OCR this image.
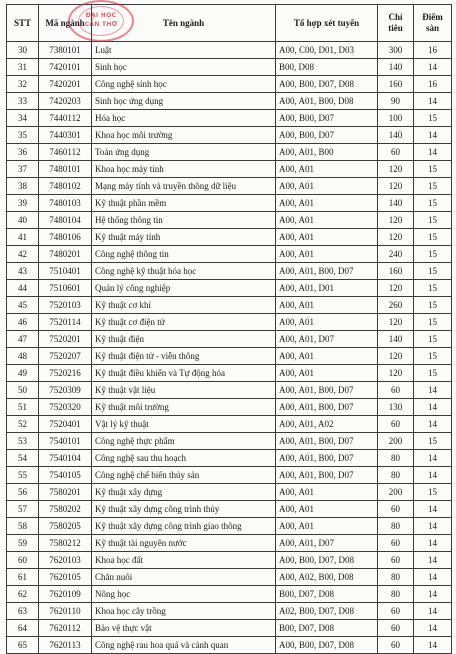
STT	Mã ngành	Tên ngành	Tổ hợp xét tuyển	Chỉ tiêu	Điểm sàn
30	7380101	Luật	A00, C00, D01, D03	300	16
31	7420101	Sinh học	B00, D08	140	14
32	7420201	Công nghệ sinh học	A00, B00, D07, D08	160	16
33	7420203	Sinh học ứng dụng	A00, A01, B00, D08	90	14
34	7440112	Hóa học	A00, B00, D07	100	15
35	7440301	Khoa học môi trường	A00, B00, D07	140	14
36	7460112	Toán ứng dụng	A00, A01, B00	60	14
37	7480101	Khoa học máy tính	A00, A01	120	15
38	7480102	Mạng máy tính và truyền thông dữ liệu	A00, A01	120	15
39	7480103	Kỹ thuật phần mềm	A00, A01	140	15
40	7480104	Hệ thống thông tin	A00, A01	120	15
41	7480106	Kỹ thuật máy tính	A00, A01	120	15
42	7480201	Công nghệ thông tin	A00, A01	240	15
43	7510401	Công nghệ kỹ thuật hóa học	A00, A01, B00, D07	160	15
44	7510601	Quản lý công nghiệp	A00, A01, D01	120	15
45	7520103	Kỹ thuật cơ khí	A00, A01	260	15
46	7520114	Kỹ thuật cơ điện tử	A00, A01	120	15
47	7520201	Kỹ thuật điện	A00, A01, D07	140	15
48	7520207	Kỹ thuật điện tử - viễn thông	A00, A01	120	15
49	7520216	Kỹ thuật điều khiển và Tự động hóa	A00, A01	120	15
50	7520309	Kỹ thuật vật liệu	A00, A01, B00, D07	60	14
51	7520320	Kỹ thuật môi trường	A00, A01, B00, D07	130	14
52	7520401	Vật lý kỹ thuật	A00, A01, A02	60	14
53	7540101	Công nghệ thực phẩm	A00, A01, B00, D07	200	15
54	7540104	Công nghệ sau thu hoạch	A00, A01, B00, D07	80	14
55	7540105	Công nghệ chế biến thủy sản	A00, A01, B00, D07	80	14
56	7580201	Kỹ thuật xây dựng	A00, A01	200	15
57	7580202	Kỹ thuật xây dựng công trình thủy	A00, A01	60	14
58	7580205	Kỹ thuật xây dựng công trình giao thông	A00, A01	80	14
59	7580212	Kỹ thuật tài nguyên nước	A00, A01, D07	60	14
60	7620103	Khoa học đất	A00, B00, D07, D08	60	14
61	7620105	Chăn nuôi	A00, A02, B00, D08	80	14
62	7620109	Nông học	B00, D07, D08	80	14
63	7620110	Khoa học cây trồng	A02, B00, D07, D08	60	14
64	7620112	Bảo vệ thực vật	B00, D07, D08	60	14
65	7620113	Công nghệ rau hoa quả và cảnh quan	A00, B00, D07, D08	60	14
ĐẠI HỌC
CẦN THƠ
